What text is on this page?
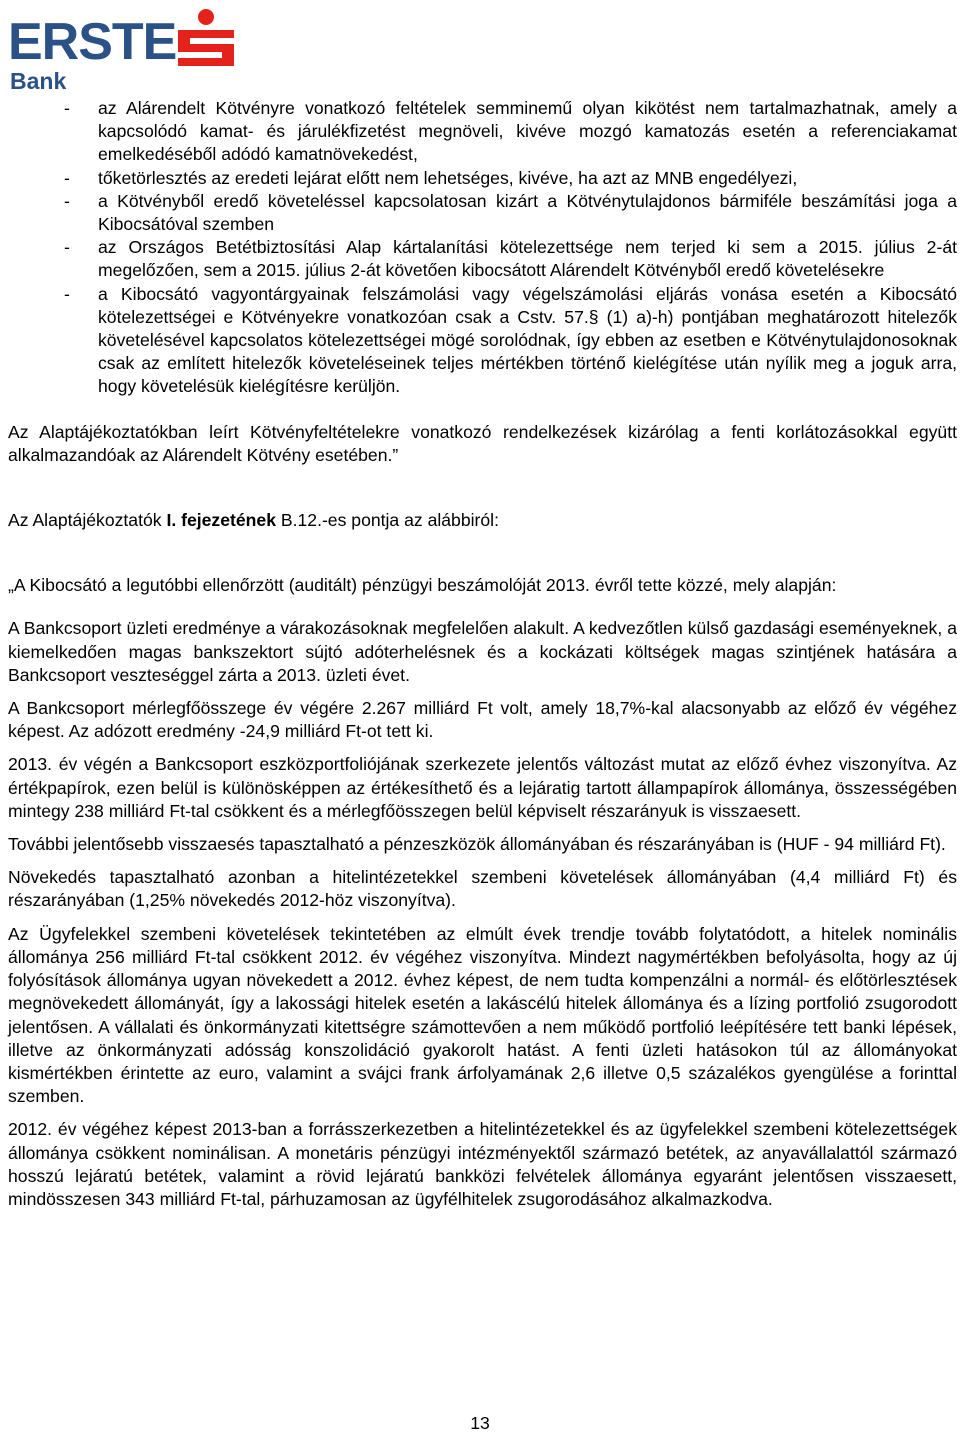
ERSTE
Bank
- az Alárendelt Kötvényre vonatkozó feltételek semminemű olyan kikötést nem tartalmazhatnak, amely a kapcsolódó kamat- és járulékfizetést megnöveli, kivéve mozgó kamatozás esetén a referenciakamat emelkedéséből adódó kamatnövekedést,
- tőketörlesztés az eredeti lejárat előtt nem lehetséges, kivéve, ha azt az MNB engedélyezi,
- a Kötvényből eredő követeléssel kapcsolatosan kizárt a Kötvénytulajdonos bármiféle beszámítási joga a Kibocsátóval szemben
- az Országos Betétbiztosítási Alap kártalanítási kötelezettsége nem terjed ki sem a 2015. július 2-át megelőzően, sem a 2015. július 2-át követően kibocsátott Alárendelt Kötvényből eredő követelésekre
- a Kibocsátó vagyontárgyainak felszámolási vagy végelszámolási eljárás vonása esetén a Kibocsátó kötelezettségei e Kötvényekre vonatkozóan csak a Cstv. 57.§ (1) a)-h) pontjában meghatározott hitelezők követelésével kapcsolatos kötelezettségei mögé sorolódnak, így ebben az esetben e Kötvénytulajdonosoknak csak az említett hitelezők követeléseinek teljes mértékben történő kielégítése után nyílik meg a joguk arra, hogy követelésük kielégítésre kerüljön.

Az Alaptájékoztatókban leírt Kötvényfeltételekre vonatkozó rendelkezések kizárólag a fenti korlátozásokkal együtt alkalmazandóak az Alárendelt Kötvény esetében.”

Az Alaptájékoztatók I. fejezetének B.12.-es pontja az alábbiról:

„A Kibocsátó a legutóbbi ellenőrzött (auditált) pénzügyi beszámolóját 2013. évről tette közzé, mely alapján:

A Bankcsoport üzleti eredménye a várakozásoknak megfelelően alakult. A kedvezőtlen külső gazdasági eseményeknek, a kiemelkedően magas bankszektort sújtó adóterhelésnek és a kockázati költségek magas szintjének hatására a Bankcsoport veszteséggel zárta a 2013. üzleti évet.

A Bankcsoport mérlegfőösszege év végére 2.267 milliárd Ft volt, amely 18,7%-kal alacsonyabb az előző év végéhez képest. Az adózott eredmény -24,9 milliárd Ft-ot tett ki.

2013. év végén a Bankcsoport eszközportfoliójának szerkezete jelentős változást mutat az előző évhez viszonyítva. Az értékpapírok, ezen belül is különösképpen az értékesíthető és a lejáratig tartott állampapírok állománya, összességében mintegy 238 milliárd Ft-tal csökkent és a mérlegfőösszegen belül képviselt részarányuk is visszaesett.

További jelentősebb visszaesés tapasztalható a pénzeszközök állományában és részarányában is (HUF - 94 milliárd Ft).

Növekedés tapasztalható azonban a hitelintézetekkel szembeni követelések állományában (4,4 milliárd Ft) és részarányában (1,25% növekedés 2012-höz viszonyítva).

Az Ügyfelekkel szembeni követelések tekintetében az elmúlt évek trendje tovább folytatódott, a hitelek nominális állománya 256 milliárd Ft-tal csökkent 2012. év végéhez viszonyítva. Mindezt nagymértékben befolyásolta, hogy az új folyósítások állománya ugyan növekedett a 2012. évhez képest, de nem tudta kompenzálni a normál- és előtörlesztések megnövekedett állományát, így a lakossági hitelek esetén a lakáscélú hitelek állománya és a lízing portfolió zsugorodott jelentősen. A vállalati és önkormányzati kitettségre számottevően a nem működő portfolió leépítésére tett banki lépések, illetve az önkormányzati adósság konszolidáció gyakorolt hatást. A fenti üzleti hatásokon túl az állományokat kismértékben érintette az euro, valamint a svájci frank árfolyamának 2,6 illetve 0,5 százalékos gyengülése a forinttal szemben.

2012. év végéhez képest 2013-ban a forrásszerkezetben a hitelintézetekkel és az ügyfelekkel szembeni kötelezettségek állománya csökkent nominálisan. A monetáris pénzügyi intézményektől származó betétek, az anyavállalattól származó hosszú lejáratú betétek, valamint a rövid lejáratú bankközi felvételek állománya egyaránt jelentősen visszaesett, mindösszesen 343 milliárd Ft-tal, párhuzamosan az ügyfélhitelek zsugorodásához alkalmazkodva.

13
